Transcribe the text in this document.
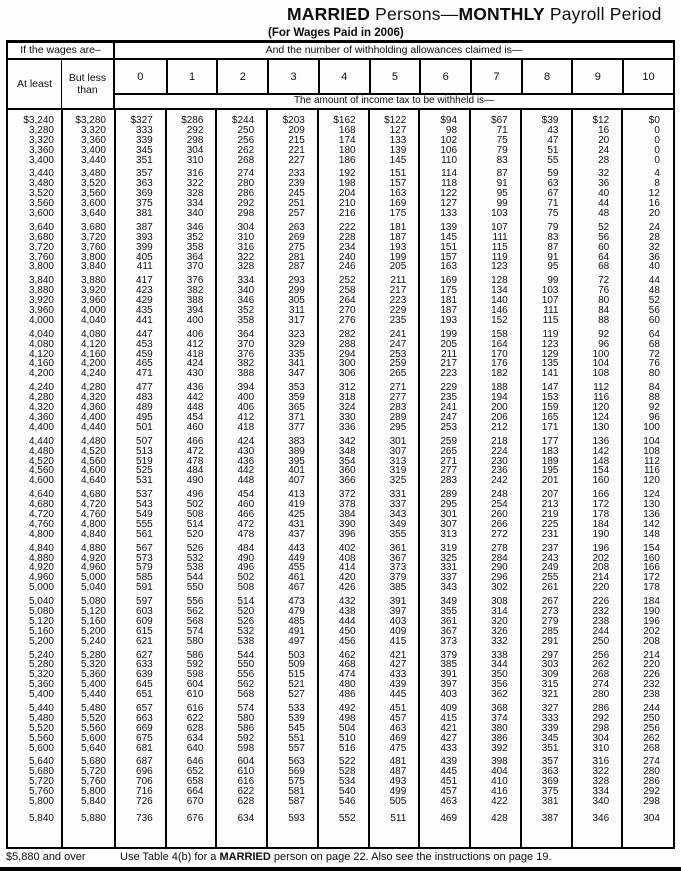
MARRIED Persons—MONTHLY Payroll Period
(For Wages Paid in 2006)
If the wages are–	And the number of withholding allowances claimed is—
At least	But less than
0	1	2	3	4	5	6	7	8	9	10
The amount of income tax to be withheld is—
$3,240	$3,280	$327	$286	$244	$203	$162	$122	$94	$67	$39	$12	$0
3,280	3,320	333	292	250	209	168	127	98	71	43	16	0
3,320	3,360	339	298	256	215	174	133	102	75	47	20	0
3,360	3,400	345	304	262	221	180	139	106	79	51	24	0
3,400	3,440	351	310	268	227	186	145	110	83	55	28	0
3,440	3,480	357	316	274	233	192	151	114	87	59	32	4
3,480	3,520	363	322	280	239	198	157	118	91	63	36	8
3,520	3,560	369	328	286	245	204	163	122	95	67	40	12
3,560	3,600	375	334	292	251	210	169	127	99	71	44	16
3,600	3,640	381	340	298	257	216	175	133	103	75	48	20
3,640	3,680	387	346	304	263	222	181	139	107	79	52	24
3,680	3,720	393	352	310	269	228	187	145	111	83	56	28
3,720	3,760	399	358	316	275	234	193	151	115	87	60	32
3,760	3,800	405	364	322	281	240	199	157	119	91	64	36
3,800	3,840	411	370	328	287	246	205	163	123	95	68	40
3,840	3,880	417	376	334	293	252	211	169	128	99	72	44
3,880	3,920	423	382	340	299	258	217	175	134	103	76	48
3,920	3,960	429	388	346	305	264	223	181	140	107	80	52
3,960	4,000	435	394	352	311	270	229	187	146	111	84	56
4,000	4,040	441	400	358	317	276	235	193	152	115	88	60
4,040	4,080	447	406	364	323	282	241	199	158	119	92	64
4,080	4,120	453	412	370	329	288	247	205	164	123	96	68
4,120	4,160	459	418	376	335	294	253	211	170	129	100	72
4,160	4,200	465	424	382	341	300	259	217	176	135	104	76
4,200	4,240	471	430	388	347	306	265	223	182	141	108	80
4,240	4,280	477	436	394	353	312	271	229	188	147	112	84
4,280	4,320	483	442	400	359	318	277	235	194	153	116	88
4,320	4,360	489	448	406	365	324	283	241	200	159	120	92
4,360	4,400	495	454	412	371	330	289	247	206	165	124	96
4,400	4,440	501	460	418	377	336	295	253	212	171	130	100
4,440	4,480	507	466	424	383	342	301	259	218	177	136	104
4,480	4,520	513	472	430	389	348	307	265	224	183	142	108
4,520	4,560	519	478	436	395	354	313	271	230	189	148	112
4,560	4,600	525	484	442	401	360	319	277	236	195	154	116
4,600	4,640	531	490	448	407	366	325	283	242	201	160	120
4,640	4,680	537	496	454	413	372	331	289	248	207	166	124
4,680	4,720	543	502	460	419	378	337	295	254	213	172	130
4,720	4,760	549	508	466	425	384	343	301	260	219	178	136
4,760	4,800	555	514	472	431	390	349	307	266	225	184	142
4,800	4,840	561	520	478	437	396	355	313	272	231	190	148
4,840	4,880	567	526	484	443	402	361	319	278	237	196	154
4,880	4,920	573	532	490	449	408	367	325	284	243	202	160
4,920	4,960	579	538	496	455	414	373	331	290	249	208	166
4,960	5,000	585	544	502	461	420	379	337	296	255	214	172
5,000	5,040	591	550	508	467	426	385	343	302	261	220	178
5,040	5,080	597	556	514	473	432	391	349	308	267	226	184
5,080	5,120	603	562	520	479	438	397	355	314	273	232	190
5,120	5,160	609	568	526	485	444	403	361	320	279	238	196
5,160	5,200	615	574	532	491	450	409	367	326	285	244	202
5,200	5,240	621	580	538	497	456	415	373	332	291	250	208
5,240	5,280	627	586	544	503	462	421	379	338	297	256	214
5,280	5,320	633	592	550	509	468	427	385	344	303	262	220
5,320	5,360	639	598	556	515	474	433	391	350	309	268	226
5,360	5,400	645	604	562	521	480	439	397	356	315	274	232
5,400	5,440	651	610	568	527	486	445	403	362	321	280	238
5,440	5,480	657	616	574	533	492	451	409	368	327	286	244
5,480	5,520	663	622	580	539	498	457	415	374	333	292	250
5,520	5,560	669	628	586	545	504	463	421	380	339	298	256
5,560	5,600	675	634	592	551	510	469	427	386	345	304	262
5,600	5,640	681	640	598	557	516	475	433	392	351	310	268
5,640	5,680	687	646	604	563	522	481	439	398	357	316	274
5,680	5,720	696	652	610	569	528	487	445	404	363	322	280
5,720	5,760	706	658	616	575	534	493	451	410	369	328	286
5,760	5,800	716	664	622	581	540	499	457	416	375	334	292
5,800	5,840	726	670	628	587	546	505	463	422	381	340	298
5,840	5,880	736	676	634	593	552	511	469	428	387	346	304
$5,880 and over	Use Table 4(b) for a MARRIED person on page 22. Also see the instructions on page 19.
